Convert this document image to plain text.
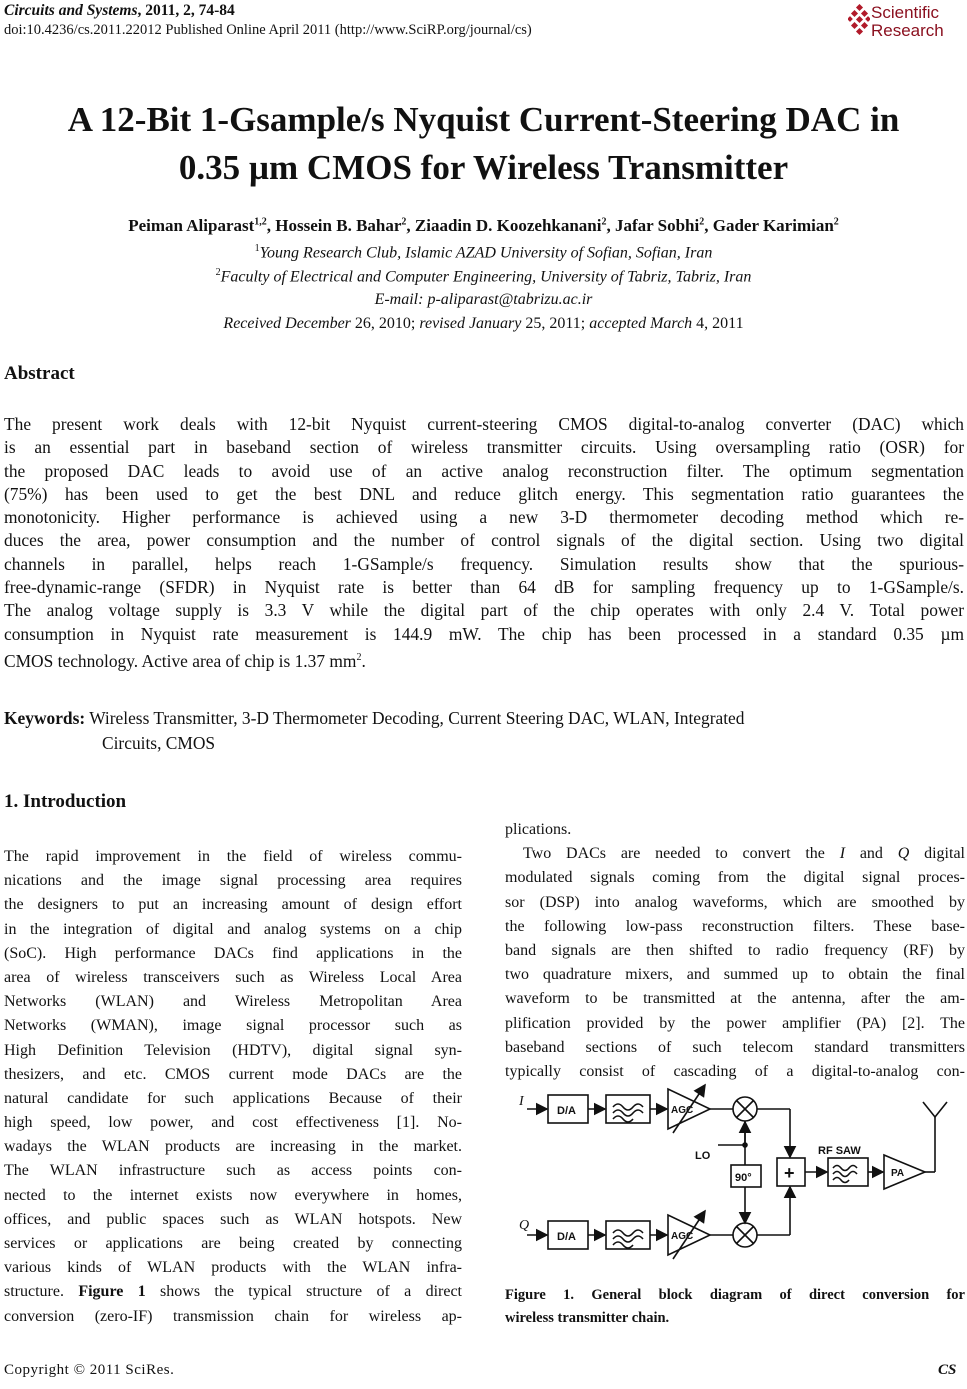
Circuits and Systems, 2011, 2, 74-84
doi:10.4236/cs.2011.22012 Published Online April 2011 (http://www.SciRP.org/journal/cs)
Scientific
Research
A 12-Bit 1-Gsample/s Nyquist Current-Steering DAC in
0.35 µm CMOS for Wireless Transmitter
Peiman Aliparast$^{1,2}$, Hossein B. Bahar$^2$, Ziaadin D. Koozehkanani$^2$, Jafar Sobhi$^2$, Gader Karimian$^2$
$^1$Young Research Club, Islamic AZAD University of Sofian, Sofian, Iran
$^2$Faculty of Electrical and Computer Engineering, University of Tabriz, Tabriz, Iran
E-mail: p-aliparast@tabrizu.ac.ir
Received December 26, 2010; revised January 25, 2011; accepted March 4, 2011
Abstract
The present work deals with 12-bit Nyquist current-steering CMOS digital-to-analog converter (DAC) which
is an essential part in baseband section of wireless transmitter circuits. Using oversampling ratio (OSR) for
the proposed DAC leads to avoid use of an active analog reconstruction filter. The optimum segmentation
(75%) has been used to get the best DNL and reduce glitch energy. This segmentation ratio guarantees the
monotonicity. Higher performance is achieved using a new 3-D thermometer decoding method which re-
duces the area, power consumption and the number of control signals of the digital section. Using two digital
channels in parallel, helps reach 1-GSample/s frequency. Simulation results show that the spurious-
free-dynamic-range (SFDR) in Nyquist rate is better than 64 dB for sampling frequency up to 1-GSample/s.
The analog voltage supply is 3.3 V while the digital part of the chip operates with only 2.4 V. Total power
consumption in Nyquist rate measurement is 144.9 mW. The chip has been processed in a standard 0.35 µm
CMOS technology. Active area of chip is 1.37 $mm^2$.
Keywords: Wireless Transmitter, 3-D Thermometer Decoding, Current Steering DAC, WLAN, Integrated
Circuits, CMOS
1. Introduction
The rapid improvement in the field of wireless commu-
nications and the image signal processing area requires
the designers to put an increasing amount of design effort
in the integration of digital and analog systems on a chip
(SoC). High performance DACs find applications in the
area of wireless transceivers such as Wireless Local Area
Networks (WLAN) and Wireless Metropolitan Area
Networks (WMAN), image signal processor such as
High Definition Television (HDTV), digital signal syn-
thesizers, and etc. CMOS current mode DACs are the
natural candidate for such applications Because of their
high speed, low power, and cost effectiveness [1]. No-
wadays the WLAN products are increasing in the market.
The WLAN infrastructure such as access points con-
nected to the internet exists now everywhere in homes,
offices, and public spaces such as WLAN hotspots. New
services or applications are being created by connecting
various kinds of WLAN products with the WLAN infra-
structure. Figure 1 shows the typical structure of a direct
conversion (zero-IF) transmission chain for wireless ap-
plications.
Two DACs are needed to convert the I and Q digital
modulated signals coming from the digital signal proces-
sor (DSP) into analog waveforms, which are smoothed by
the following low-pass reconstruction filters. These base-
band signals are then shifted to radio frequency (RF) by
two quadrature mixers, and summed up to obtain the final
waveform to be transmitted at the antenna, after the am-
plification provided by the power amplifier (PA) [2]. The
baseband sections of such telecom standard transmitters
typically consist of cascading of a digital-to-analog con-
I
Q
D/A
D/A
AGC
AGC
LO
90° +
RF SAW
PA
Figure 1. General block diagram of direct conversion for
wireless transmitter chain.
Copyright © 2011 SciRes.	CS
